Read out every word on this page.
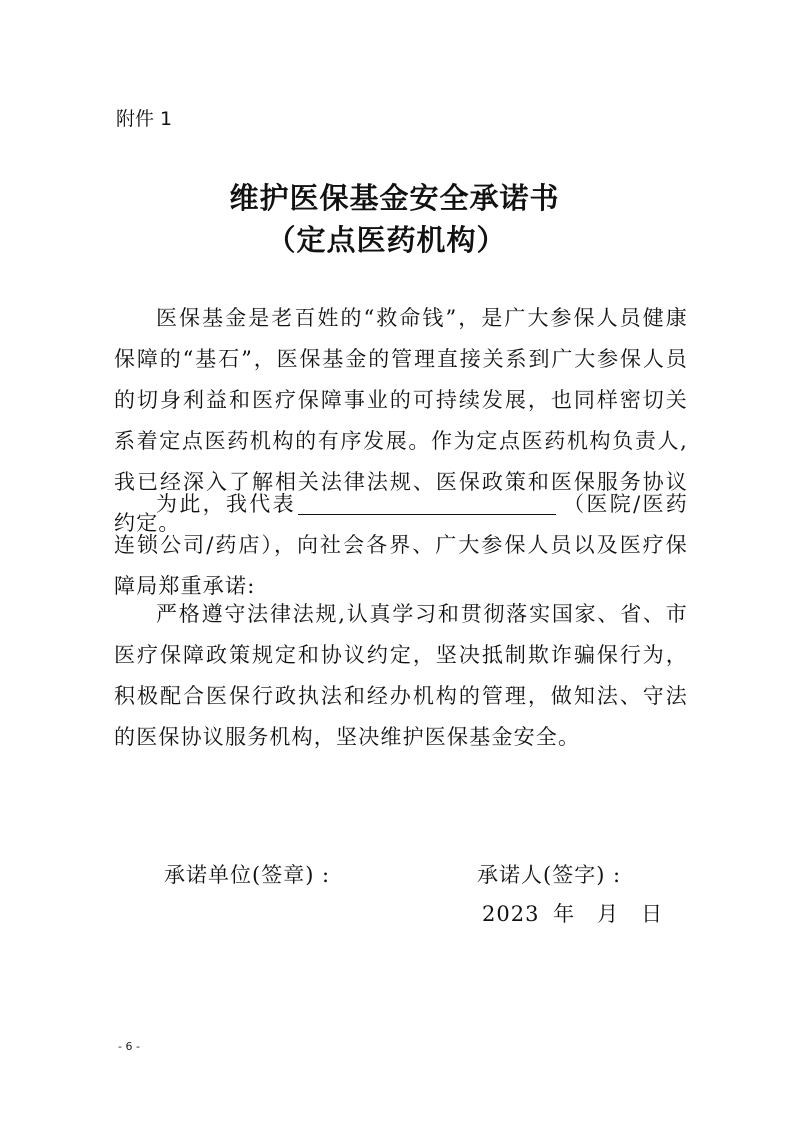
附件 1
维护医保基金安全承诺书
（定点医药机构）
医保基金是老百姓的“救命钱”，是广大参保人员健康保障的“基石”，医保基金的管理直接关系到广大参保人员的切身利益和医疗保障事业的可持续发展，也同样密切关系着定点医药机构的有序发展。作为定点医药机构负责人,我已经深入了解相关法律法规、医保政策和医保服务协议约定。
为此，我代表	（医院/医药连锁公司/药店），向社会各界、广大参保人员以及医疗保障局郑重承诺:
严格遵守法律法规,认真学习和贯彻落实国家、省、市医疗保障政策规定和协议约定，坚决抵制欺诈骗保行为，积极配合医保行政执法和经办机构的管理，做知法、守法的医保协议服务机构，坚决维护医保基金安全。
承诺单位(签章) :	承诺人(签字) :
2023 年　月　日
- 6 -
